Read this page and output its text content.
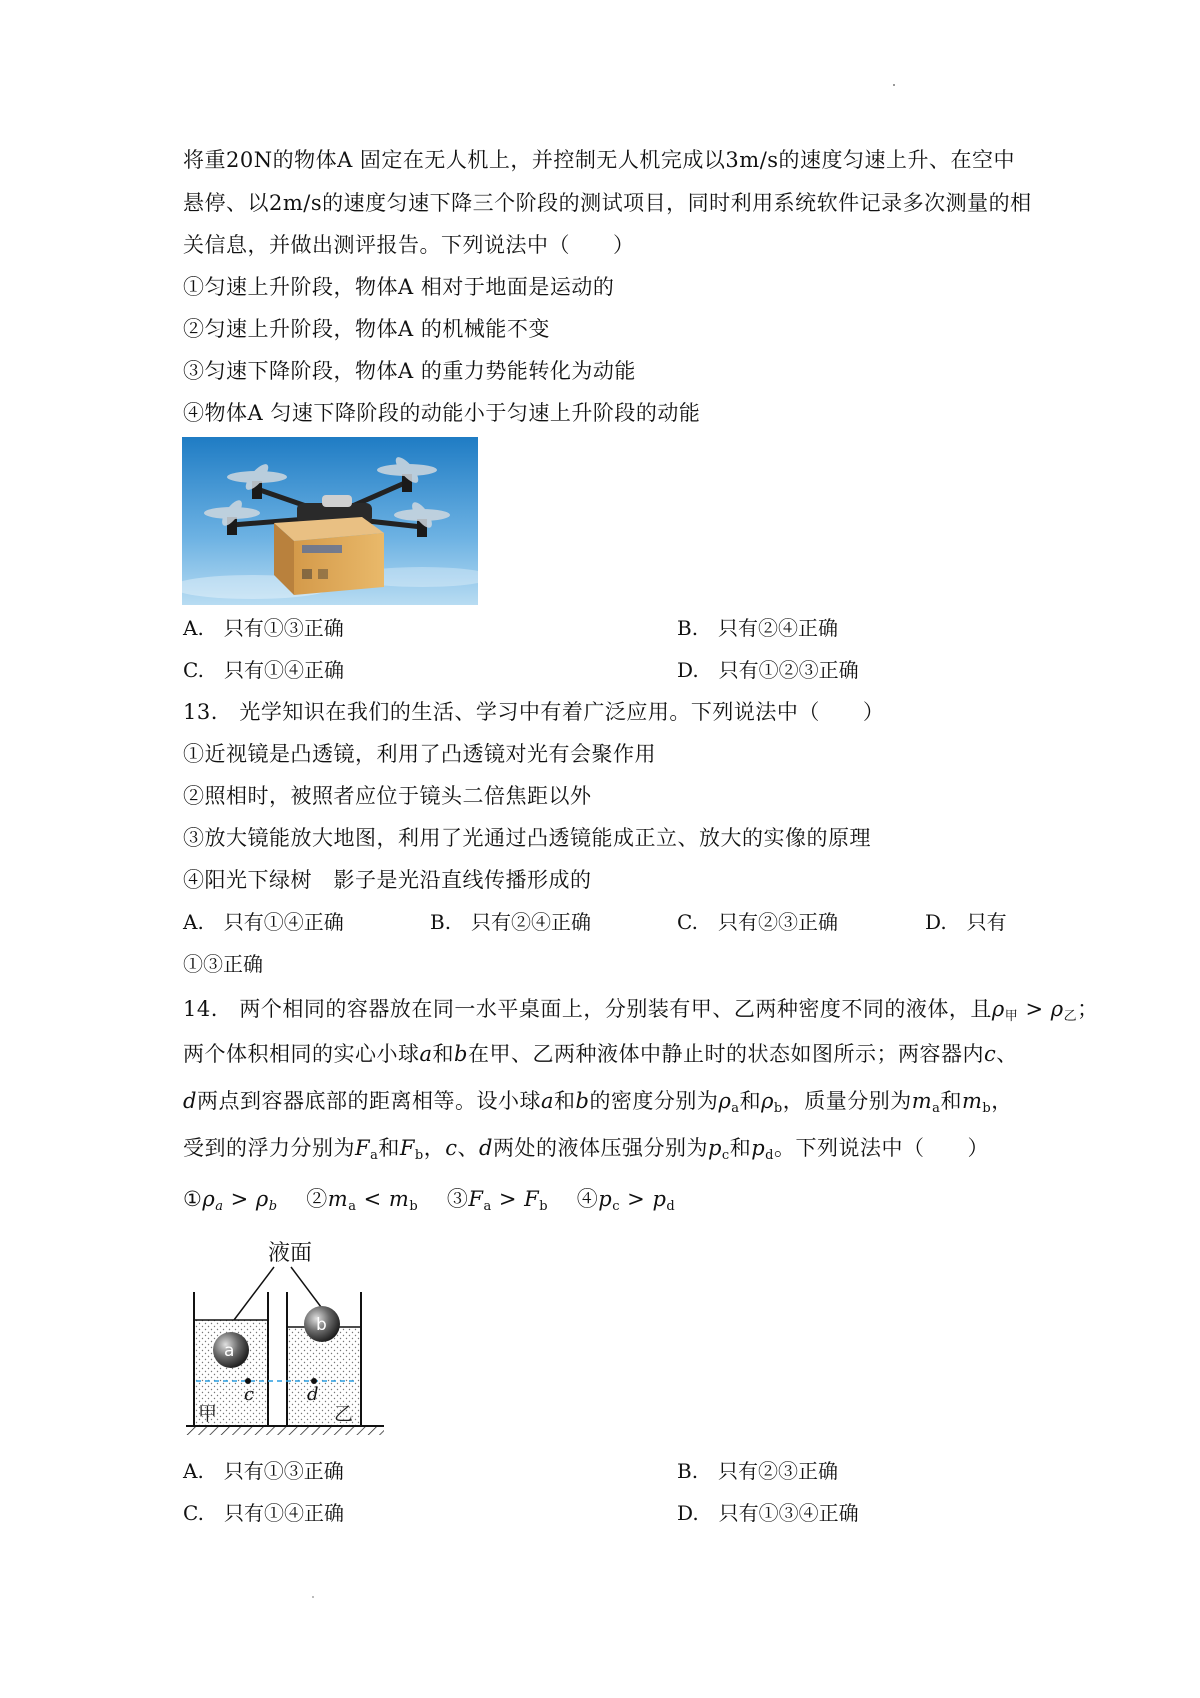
将重20N的物体A 固定在无人机上，并控制无人机完成以3m/s的速度匀速上升、在空中
悬停、以2m/s的速度匀速下降三个阶段的测试项目，同时利用系统软件记录多次测量的相
关信息，并做出测评报告。下列说法中（　　）
①匀速上升阶段，物体A 相对于地面是运动的
②匀速上升阶段，物体A 的机械能不变
③匀速下降阶段，物体A 的重力势能转化为动能
④物体A 匀速下降阶段的动能小于匀速上升阶段的动能
A.　只有①③正确	B.　只有②④正确
C.　只有①④正确	D.　只有①②③正确
13.　光学知识在我们的生活、学习中有着广泛应用。下列说法中（　　）
①近视镜是凸透镜，利用了凸透镜对光有会聚作用
②照相时，被照者应位于镜头二倍焦距以外
③放大镜能放大地图，利用了光通过凸透镜能成正立、放大的实像的原理
④阳光下绿树　影子是光沿直线传播形成的
A.　只有①④正确	B.　只有②④正确	C.　只有②③正确	D.　只有
①③正确
14.　两个相同的容器放在同一水平桌面上，分别装有甲、乙两种密度不同的液体，且$\rho_甲 > \rho_乙$；
两个体积相同的实心小球a和b在甲、乙两种液体中静止时的状态如图所示；两容器内c、
d两点到容器底部的距离相等。设小球a和b的密度分别为$\rho_a$和$\rho_b$，质量分别为$m_a$和$m_b$，
受到的浮力分别为$F_a$和$F_b$，c、d两处的液体压强分别为$p_c$和$p_d$。下列说法中（　　）
$①\rho_a > \rho_b$　 $②m_a < m_b$　 $③F_a > F_b$　 $④p_c > p_d$
液面
a
b
c	d
甲	乙
A.　只有①③正确	B.　只有②③正确
C.　只有①④正确	D.　只有①③④正确
